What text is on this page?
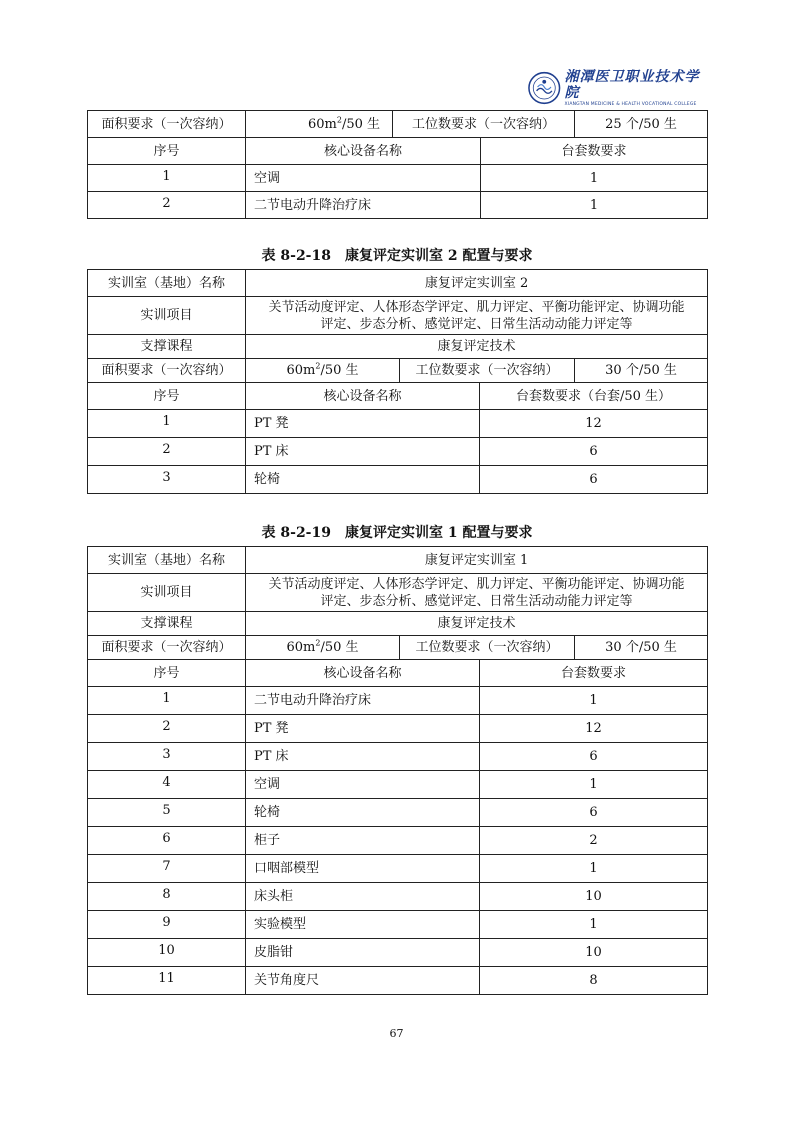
湘潭医卫职业技术学院
XIANGTAN MEDICINE & HEALTH VOCATIONAL COLLEGE
面积要求（一次容纳）	$60m^2/50$ 生	工位数要求（一次容纳）		25 个/50 生
序号	核心设备名称		台套数要求	
1	空调		1	
2	二节电动升降治疗床		1	
表 8-2-18　康复评定实训室 2 配置与要求
实训室（基地）名称	康复评定实训室 2			
实训项目	关节活动度评定、人体形态学评定、肌力评定、平衡功能评定、协调功能
评定、步态分析、感觉评定、日常生活动动能力评定等			

支撑课程	康复评定技术			
面积要求（一次容纳）	$60m^2/50$ 生	工位数要求（一次容纳）		30 个/50 生
序号	核心设备名称		台套数要求（台套/50 生）	
1	PT 凳		12	
2	PT 床		6	
3	轮椅		6	
表 8-2-19　康复评定实训室 1 配置与要求
实训室（基地）名称	康复评定实训室 1			
实训项目	关节活动度评定、人体形态学评定、肌力评定、平衡功能评定、协调功能
评定、步态分析、感觉评定、日常生活动动能力评定等			

支撑课程	康复评定技术			
面积要求（一次容纳）	$60m^2/50$ 生	工位数要求（一次容纳）		30 个/50 生
序号	核心设备名称		台套数要求	
1	二节电动升降治疗床		1	
2	PT 凳		12	
3	PT 床		6	
4	空调		1	
5	轮椅		6	
6	柜子		2	
7	口咽部模型		1	
8	床头柜		10	
9	实验模型		1	
10	皮脂钳		10	
11	关节角度尺		8	
67
